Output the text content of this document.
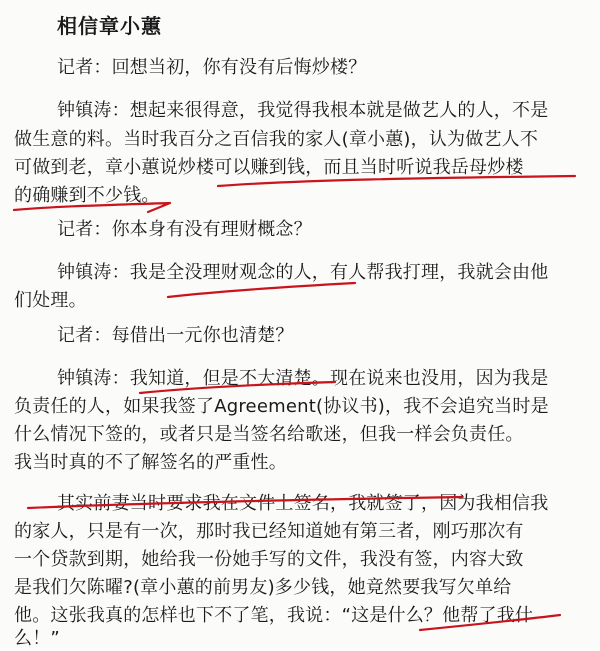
相信章小蕙
记者：回想当初，你有没有后悔炒楼？
钟镇涛：想起来很得意，我觉得我根本就是做艺人的人，不是
做生意的料。当时我百分之百信我的家人(章小蕙)，认为做艺人不
可做到老，章小蕙说炒楼可以赚到钱，而且当时听说我岳母炒楼
的确赚到不少钱。
记者：你本身有没有理财概念？
钟镇涛：我是全没理财观念的人，有人帮我打理，我就会由他
们处理。
记者：每借出一元你也清楚？
钟镇涛：我知道，但是不大清楚。现在说来也没用，因为我是
负责任的人，如果我签了Agreement(协议书)，我不会追究当时是
什么情况下签的，或者只是当签名给歌迷，但我一样会负责任。
我当时真的不了解签名的严重性。
其实前妻当时要求我在文件上签名，我就签了，因为我相信我
的家人，只是有一次，那时我已经知道她有第三者，刚巧那次有
一个贷款到期，她给我一份她手写的文件，我没有签，内容大致
是我们欠陈曜?(章小蕙的前男友)多少钱，她竟然要我写欠单给
他。这张我真的怎样也下不了笔，我说：“这是什么？他帮了我什
么！”
